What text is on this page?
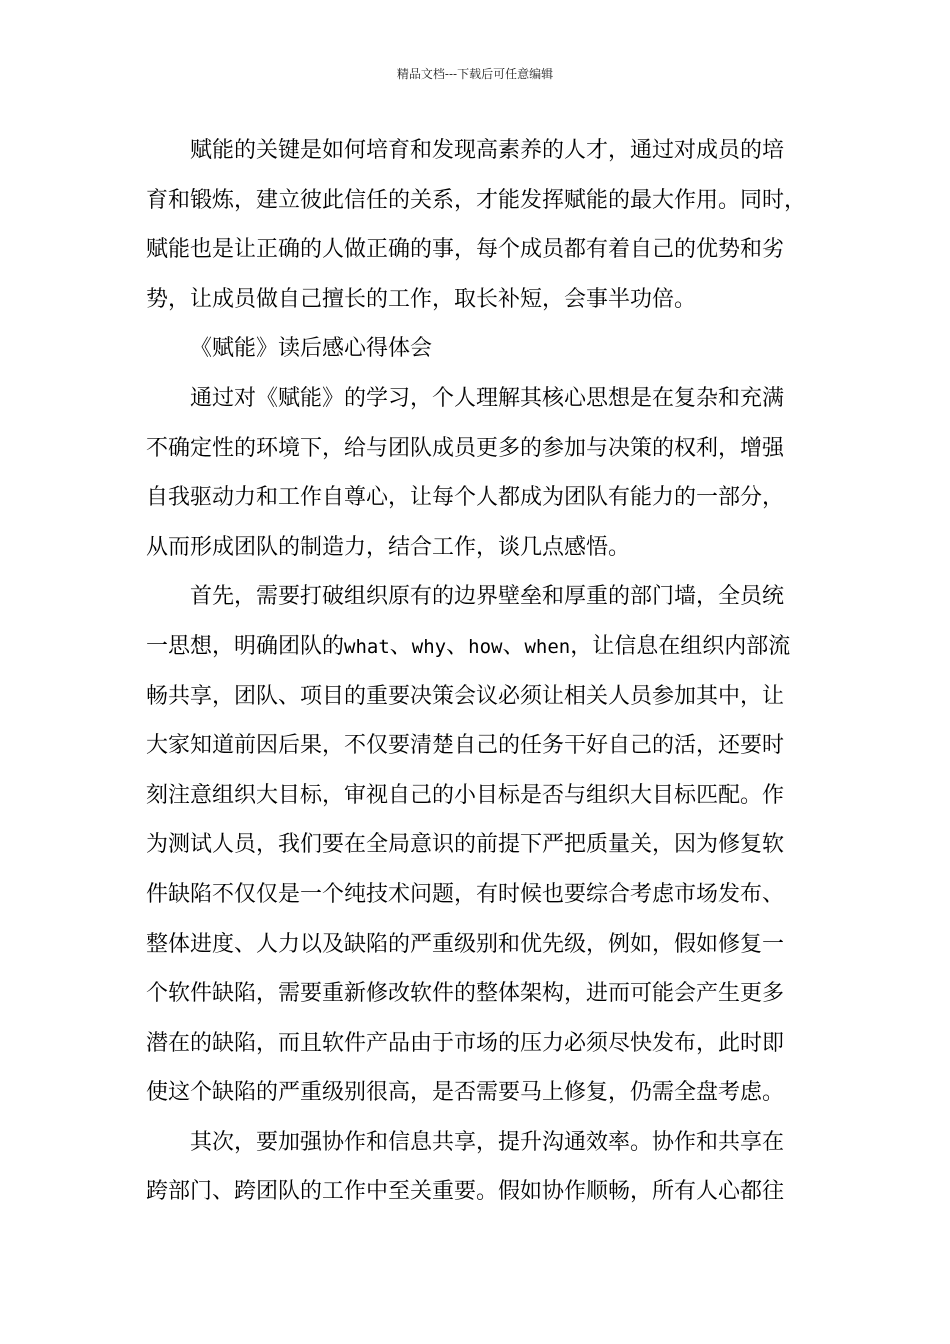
精品文档---下载后可任意编辑
赋能的关键是如何培育和发现高素养的人才，通过对成员的培
育和锻炼，建立彼此信任的关系，才能发挥赋能的最大作用。同时，
赋能也是让正确的人做正确的事，每个成员都有着自己的优势和劣
势，让成员做自己擅长的工作，取长补短，会事半功倍。
《赋能》读后感心得体会
通过对《赋能》的学习，个人理解其核心思想是在复杂和充满
不确定性的环境下，给与团队成员更多的参加与决策的权利，增强
自我驱动力和工作自尊心，让每个人都成为团队有能力的一部分，
从而形成团队的制造力，结合工作，谈几点感悟。
首先，需要打破组织原有的边界壁垒和厚重的部门墙，全员统
一思想，明确团队的what、why、how、when，让信息在组织内部流
畅共享，团队、项目的重要决策会议必须让相关人员参加其中，让
大家知道前因后果，不仅要清楚自己的任务干好自己的活，还要时
刻注意组织大目标，审视自己的小目标是否与组织大目标匹配。作
为测试人员，我们要在全局意识的前提下严把质量关，因为修复软
件缺陷不仅仅是一个纯技术问题，有时候也要综合考虑市场发布、
整体进度、人力以及缺陷的严重级别和优先级，例如，假如修复一
个软件缺陷，需要重新修改软件的整体架构，进而可能会产生更多
潜在的缺陷，而且软件产品由于市场的压力必须尽快发布，此时即
使这个缺陷的严重级别很高，是否需要马上修复，仍需全盘考虑。
其次，要加强协作和信息共享，提升沟通效率。协作和共享在
跨部门、跨团队的工作中至关重要。假如协作顺畅，所有人心都往
